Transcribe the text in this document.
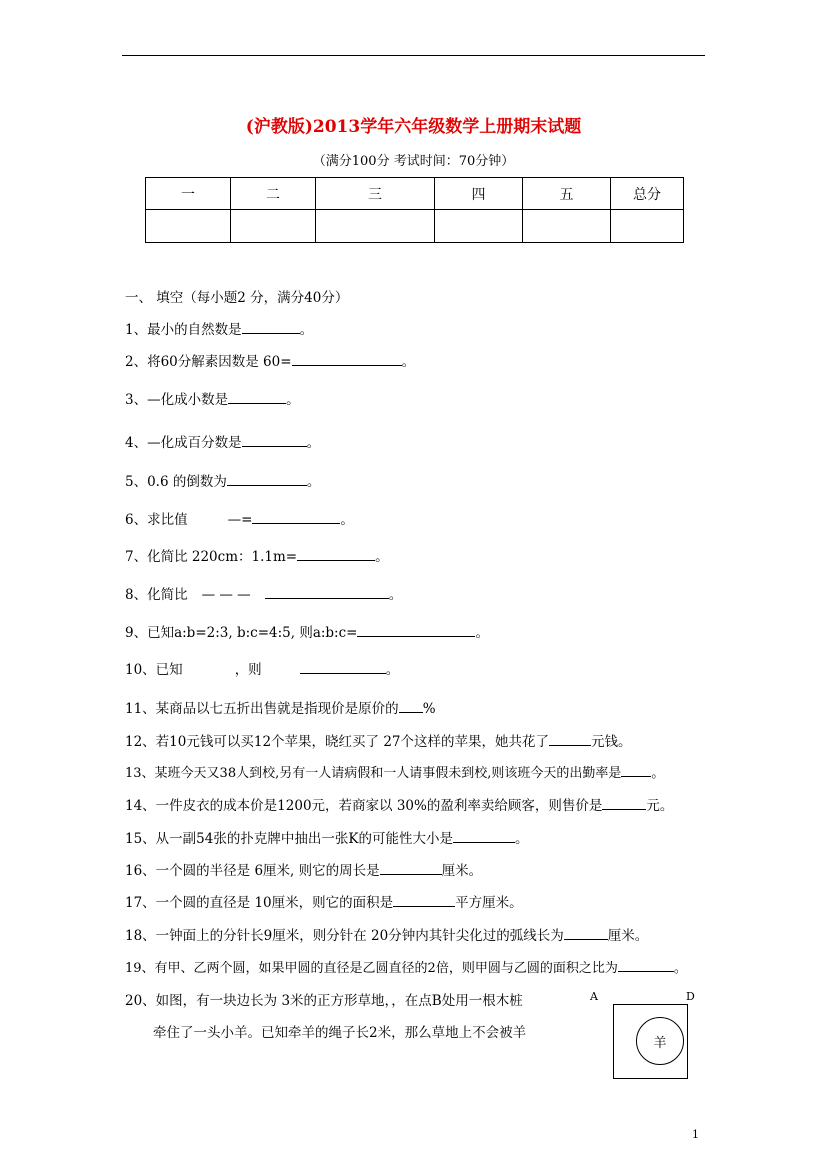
(沪教版)2013学年六年级数学上册期末试题
（满分100分 考试时间：70分钟）
一	二	三	四	五	总分

一、 填空（每小题2 分，满分40分）
1、最小的自然数是	。
2、将60分解素因数是 60=	。
3、—化成小数是	。
4、—化成百分数是	。
5、0.6 的倒数为	。
6、求比值	—=	。
7、化简比 220cm：1.1m=	。
8、化简比 — — —	。
9、已知a:b=2:3, b:c=4:5, 则a:b:c=	。
10、已知	，则	。
11、某商品以七五折出售就是指现价是原价的 %
12、若10元钱可以买12个苹果，晓红买了 27个这样的苹果，她共花了	元钱。
13、某班今天又38人到校,另有一人请病假和一人请事假未到校,则该班今天的出勤率是 。
14、一件皮衣的成本价是1200元，若商家以 30%的盈利率卖给顾客，则售价是	元。
15、从一副54张的扑克牌中抽出一张K的可能性大小是	。
16、一个圆的半径是 6厘米, 则它的周长是	厘米。
17、一个圆的直径是 10厘米，则它的面积是	平方厘米。
18、一钟面上的分针长9厘米，则分针在 20分钟内其针尖化过的弧线长为	厘米。
19、有甲、乙两个圆，如果甲圆的直径是乙圆直径的2倍，则甲圆与乙圆的面积之比为	。
20、如图，有一块边长为 3米的正方形草地，，在点B处用一根木桩
牵住了一头小羊。已知牵羊的绳子长2米，那么草地上不会被羊
A	D
羊
1
